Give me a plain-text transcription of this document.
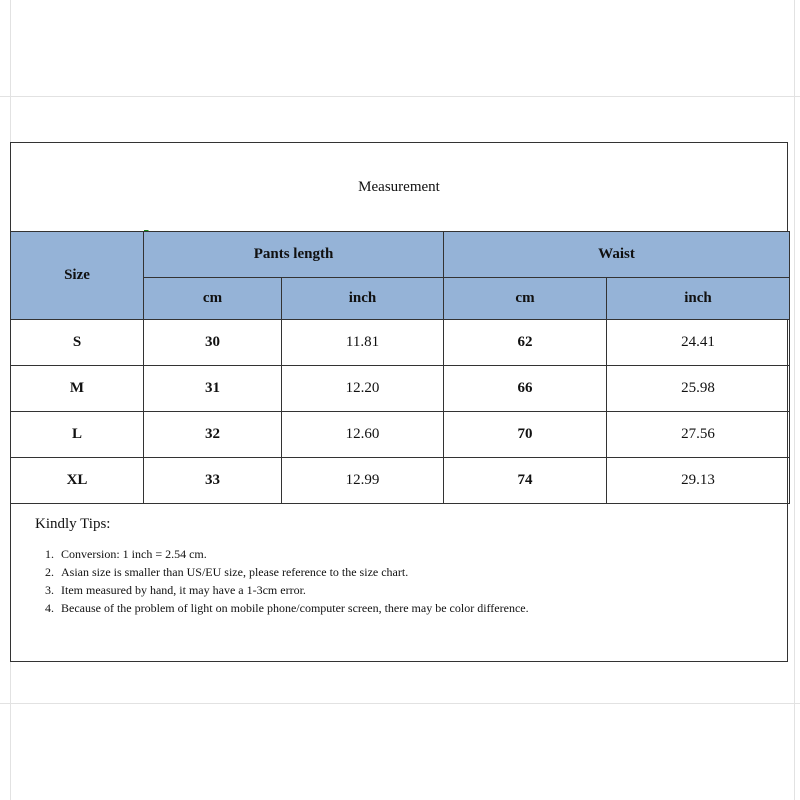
Measurement
Size	Pants length		Waist	
	cm	inch	cm	inch
S	30	11.81	62	24.41
M	31	12.20	66	25.98
L	32	12.60	70	27.56
XL	33	12.99	74	29.13
Kindly Tips:
1. Conversion: 1 inch = 2.54 cm.
2. Asian size is smaller than US/EU size, please reference to the size chart.
3. Item measured by hand, it may have a 1-3cm error.
4. Because of the problem of light on mobile phone/computer screen, there may be color difference.
